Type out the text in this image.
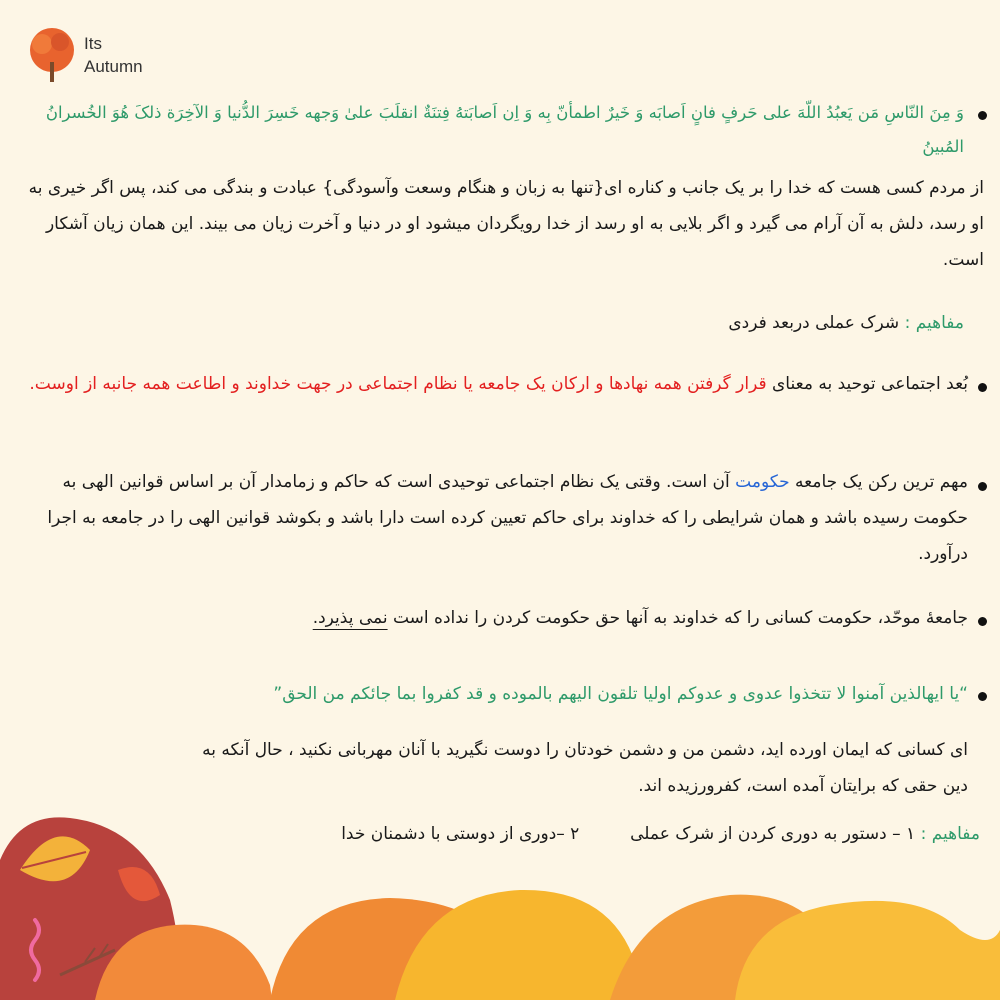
Its
Autumn

وَ مِنَ النّاسِ مَن یَعبُدُ اللّهَ علی حَرفٍ فانٍ اَصابَه وَ خَیرٌ اطمأنّ بِه وَ اِن اَصابَتهُ فِتنَةٌ انقلَبَ علیٰ وَجهه خَسِرَ الدُّنیا وَ الآخِرَة ذلکَ هُوَ الخُسرانُ المُبینُ

از مردم کسی هست که خدا را بر یک جانب و کناره ای{تنها به زبان و هنگام وسعت وآسودگی} عبادت و بندگی می کند، پس اگر خیری به او رسد، دلش به آن آرام می گیرد و اگر بلایی به او رسد از خدا رویگردان میشود او در دنیا و آخرت زیان می بیند. این همان زیان آشکار است.

مفاهیم : شرک عملی دربعد فردی

بُعد اجتماعی توحید به معنای قرار گرفتن همه نهادها و ارکان یک جامعه یا نظام اجتماعی در جهت خداوند و اطاعت همه جانبه از اوست.

مهم ترین رکن یک جامعه حکومت آن است. وقتی یک نظام اجتماعی توحیدی است که حاکم و زمامدار آن بر اساس قوانین الهی به حکومت رسیده باشد و همان شرایطی را که خداوند برای حاکم تعیین کرده است دارا باشد و بکوشد قوانین الهی را در جامعه به اجرا درآورد.

جامعۀ موحّد، حکومت کسانی را که خداوند به آنها حق حکومت کردن را نداده است نمی پذیرد.

“یا ایهالذین آمنوا لا تتخذوا عدوی و عدوکم اولیا تلقون الیهم بالموده و قد کفروا بما جائکم من الحق”

ای کسانی که ایمان اورده اید، دشمن من و دشمن خودتان را دوست نگیرید با آنان مهربانی نکنید ، حال آنکه به دین حقی که برایتان آمده است، کفرورزیده اند.

مفاهیم : ۱ – دستور به دوری کردن از شرک عملی  ۲ –دوری از دوستی با دشمنان خدا
